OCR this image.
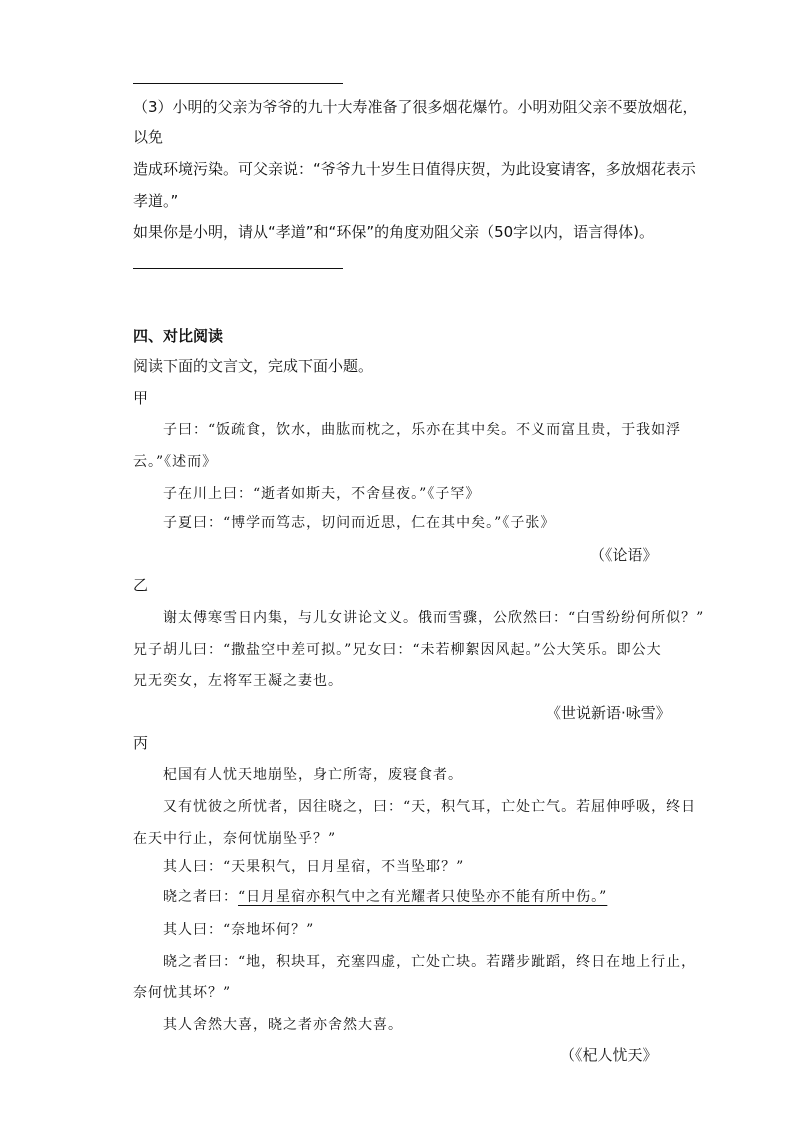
（3）小明的父亲为爷爷的九十大寿准备了很多烟花爆竹。小明劝阻父亲不要放烟花，
以免
造成环境污染。可父亲说：“爷爷九十岁生日值得庆贺，为此设宴请客，多放烟花表示
孝道。”
如果你是小明，请从“孝道”和“环保”的角度劝阻父亲（50字以内，语言得体)。
四、对比阅读
阅读下面的文言文，完成下面小题。
甲
子曰：“饭疏食，饮水，曲肱而枕之，乐亦在其中矣。不义而富且贵，于我如浮
云。”《述而》
子在川上曰：“逝者如斯夫，不舍昼夜。”《子罕》
子夏曰：“博学而笃志，切问而近思，仁在其中矣。”《子张》
（《论语》
乙
谢太傅寒雪日内集，与儿女讲论文义。俄而雪骤，公欣然曰：“白雪纷纷何所似？”
兄子胡儿曰：“撒盐空中差可拟。”兄女曰：“未若柳絮因风起。”公大笑乐。即公大
兄无奕女，左将军王凝之妻也。
《世说新语·咏雪》
丙
杞国有人忧天地崩坠，身亡所寄，废寝食者。
又有忧彼之所忧者，因往晓之，曰：“天，积气耳，亡处亡气。若屈伸呼吸，终日
在天中行止，奈何忧崩坠乎？”
其人曰：“天果积气，日月星宿，不当坠耶？”
晓之者曰：“日月星宿亦积气中之有光耀者只使坠亦不能有所中伤。”
其人曰：“奈地坏何？”
晓之者曰：“地，积块耳，充塞四虚，亡处亡块。若躇步跐蹈，终日在地上行止，
奈何忧其坏？”
其人舍然大喜，晓之者亦舍然大喜。
（《杞人忧天》
